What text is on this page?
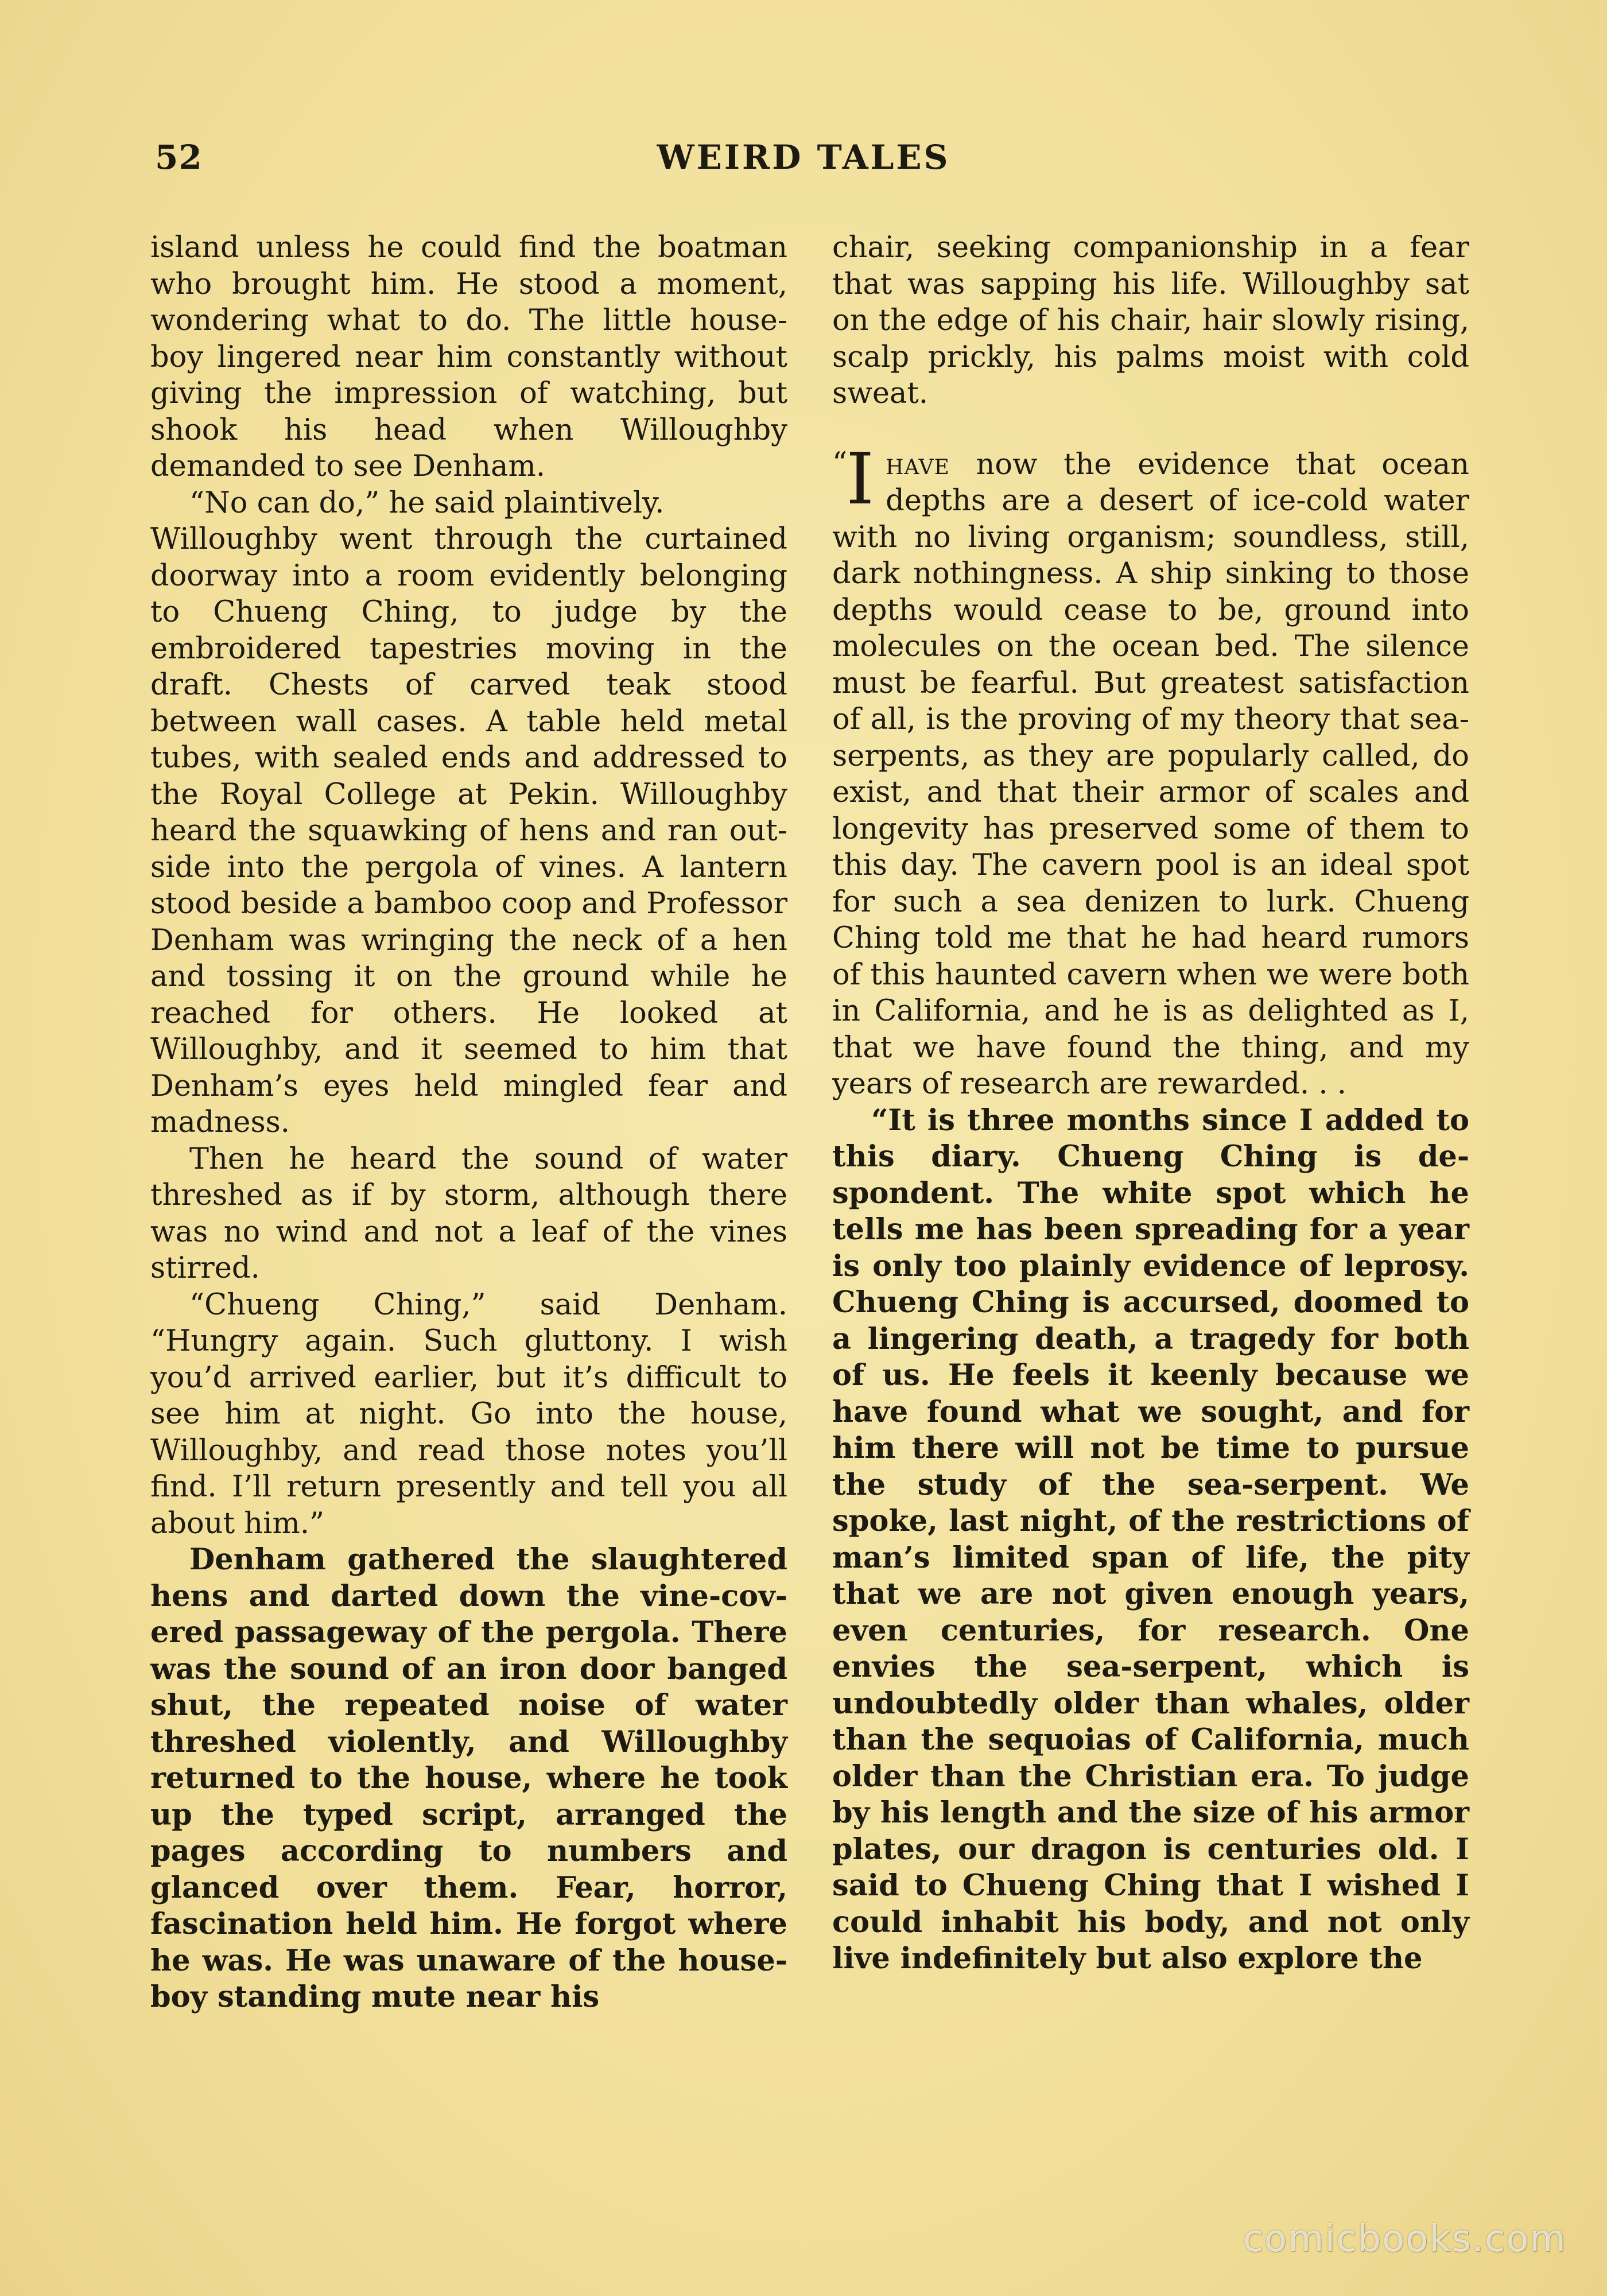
52	WEIRD TALES

island unless he could find the boatman who brought him. He stood a moment, wondering what to do. The little house-boy lingered near him constantly without giving the impression of watching, but shook his head when Willoughby demanded to see Denham.

“No can do,” he said plaintively.

Willoughby went through the curtained doorway into a room evidently belonging to Chueng Ching, to judge by the embroidered tapestries moving in the draft. Chests of carved teak stood between wall cases. A table held metal tubes, with sealed ends and addressed to the Royal College at Pekin. Willoughby heard the squawking of hens and ran outside into the pergola of vines. A lantern stood beside a bamboo coop and Professor Denham was wringing the neck of a hen and tossing it on the ground while he reached for others. He looked at Willoughby, and it seemed to him that Denham’s eyes held mingled fear and madness.

Then he heard the sound of water threshed as if by storm, although there was no wind and not a leaf of the vines stirred.

“Chueng Ching,” said Denham. “Hungry again. Such gluttony. I wish you’d arrived earlier, but it’s difficult to see him at night. Go into the house, Willoughby, and read those notes you’ll find. I’ll return presently and tell you all about him.”

Denham gathered the slaughtered hens and darted down the vine-covered passageway of the pergola. There was the sound of an iron door banged shut, the repeated noise of water threshed violently, and Willoughby returned to the house, where he took up the typed script, arranged the pages according to numbers and glanced over them. Fear, horror, fascination held him. He forgot where he was. He was unaware of the house-boy standing mute near his

chair, seeking companionship in a fear that was sapping his life. Willoughby sat on the edge of his chair, hair slowly rising, scalp prickly, his palms moist with cold sweat.

“
I have now the evidence that ocean depths are a desert of ice-cold water with no living organism; soundless, still, dark nothingness. A ship sinking to those depths would cease to be, ground into molecules on the ocean bed. The silence must be fearful. But greatest satisfaction of all, is the proving of my theory that sea-serpents, as they are popularly called, do exist, and that their armor of scales and longevity has preserved some of them to this day. The cavern pool is an ideal spot for such a sea denizen to lurk. Chueng Ching told me that he had heard rumors of this haunted cavern when we were both in California, and he is as delighted as I, that we have found the thing, and my years of research are rewarded. . .

“It is three months since I added to this diary. Chueng Ching is despondent. The white spot which he tells me has been spreading for a year is only too plainly evidence of leprosy. Chueng Ching is accursed, doomed to a lingering death, a tragedy for both of us. He feels it keenly because we have found what we sought, and for him there will not be time to pursue the study of the sea-serpent. We spoke, last night, of the restrictions of man’s limited span of life, the pity that we are not given enough years, even centuries, for research. One envies the sea-serpent, which is undoubtedly older than whales, older than the sequoias of California, much older than the Christian era. To judge by his length and the size of his armor plates, our dragon is centuries old. I said to Chueng Ching that I wished I could inhabit his body, and not only live indefinitely but also explore the

comicbooks.com
